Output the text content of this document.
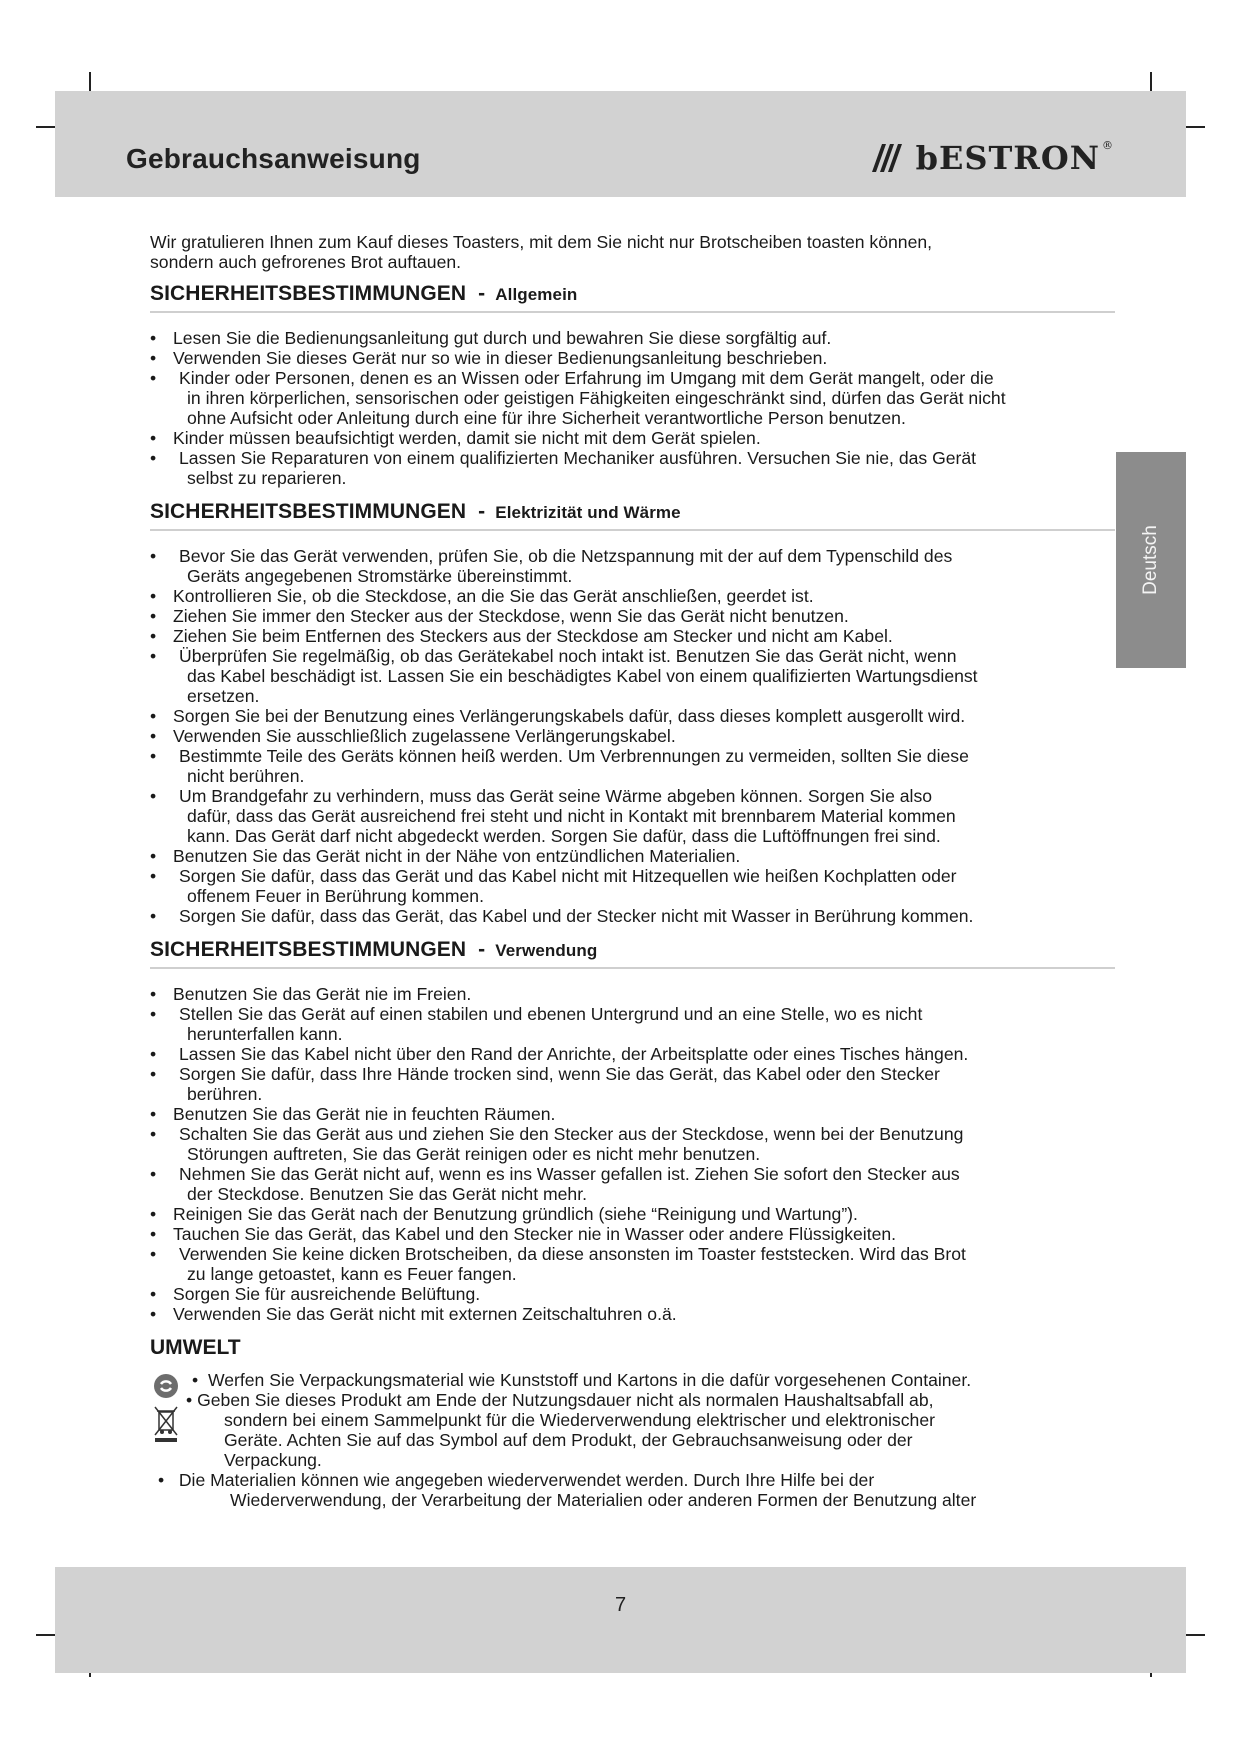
Gebrauchsanweisung	bESTRON ®
Deutsch

Wir gratulieren Ihnen zum Kauf dieses Toasters, mit dem Sie nicht nur Brotscheiben toasten können,
sondern auch gefrorenes Brot auftauen.

SICHERHEITSBESTIMMUNGEN - Allgemein
• Lesen Sie die Bedienungsanleitung gut durch und bewahren Sie diese sorgfältig auf.
• Verwenden Sie dieses Gerät nur so wie in dieser Bedienungsanleitung beschrieben.
• Kinder oder Personen, denen es an Wissen oder Erfahrung im Umgang mit dem Gerät mangelt, oder die
in ihren körperlichen, sensorischen oder geistigen Fähigkeiten eingeschränkt sind, dürfen das Gerät nicht
ohne Aufsicht oder Anleitung durch eine für ihre Sicherheit verantwortliche Person benutzen.
• Kinder müssen beaufsichtigt werden, damit sie nicht mit dem Gerät spielen.
• Lassen Sie Reparaturen von einem qualifizierten Mechaniker ausführen. Versuchen Sie nie, das Gerät
selbst zu reparieren.
SICHERHEITSBESTIMMUNGEN - Elektrizität und Wärme
• Bevor Sie das Gerät verwenden, prüfen Sie, ob die Netzspannung mit der auf dem Typenschild des
Geräts angegebenen Stromstärke übereinstimmt.
• Kontrollieren Sie, ob die Steckdose, an die Sie das Gerät anschließen, geerdet ist.
• Ziehen Sie immer den Stecker aus der Steckdose, wenn Sie das Gerät nicht benutzen.
• Ziehen Sie beim Entfernen des Steckers aus der Steckdose am Stecker und nicht am Kabel.
• Überprüfen Sie regelmäßig, ob das Gerätekabel noch intakt ist. Benutzen Sie das Gerät nicht, wenn
das Kabel beschädigt ist. Lassen Sie ein beschädigtes Kabel von einem qualifizierten Wartungsdienst
ersetzen.
• Sorgen Sie bei der Benutzung eines Verlängerungskabels dafür, dass dieses komplett ausgerollt wird.
• Verwenden Sie ausschließlich zugelassene Verlängerungskabel.
• Bestimmte Teile des Geräts können heiß werden. Um Verbrennungen zu vermeiden, sollten Sie diese
nicht berühren.
• Um Brandgefahr zu verhindern, muss das Gerät seine Wärme abgeben können. Sorgen Sie also
dafür, dass das Gerät ausreichend frei steht und nicht in Kontakt mit brennbarem Material kommen
kann. Das Gerät darf nicht abgedeckt werden. Sorgen Sie dafür, dass die Luftöffnungen frei sind.
• Benutzen Sie das Gerät nicht in der Nähe von entzündlichen Materialien.
• Sorgen Sie dafür, dass das Gerät und das Kabel nicht mit Hitzequellen wie heißen Kochplatten oder
offenem Feuer in Berührung kommen.
• Sorgen Sie dafür, dass das Gerät, das Kabel und der Stecker nicht mit Wasser in Berührung kommen.
SICHERHEITSBESTIMMUNGEN - Verwendung
• Benutzen Sie das Gerät nie im Freien.
• Stellen Sie das Gerät auf einen stabilen und ebenen Untergrund und an eine Stelle, wo es nicht
herunterfallen kann.
• Lassen Sie das Kabel nicht über den Rand der Anrichte, der Arbeitsplatte oder eines Tisches hängen.
• Sorgen Sie dafür, dass Ihre Hände trocken sind, wenn Sie das Gerät, das Kabel oder den Stecker
berühren.
• Benutzen Sie das Gerät nie in feuchten Räumen.
• Schalten Sie das Gerät aus und ziehen Sie den Stecker aus der Steckdose, wenn bei der Benutzung
Störungen auftreten, Sie das Gerät reinigen oder es nicht mehr benutzen.
• Nehmen Sie das Gerät nicht auf, wenn es ins Wasser gefallen ist. Ziehen Sie sofort den Stecker aus
der Steckdose. Benutzen Sie das Gerät nicht mehr.
• Reinigen Sie das Gerät nach der Benutzung gründlich (siehe “Reinigung und Wartung”).
• Tauchen Sie das Gerät, das Kabel und den Stecker nie in Wasser oder andere Flüssigkeiten.
• Verwenden Sie keine dicken Brotscheiben, da diese ansonsten im Toaster feststecken. Wird das Brot
zu lange getoastet, kann es Feuer fangen.
• Sorgen Sie für ausreichende Belüftung.
• Verwenden Sie das Gerät nicht mit externen Zeitschaltuhren o.ä.
UMWELT
•  Werfen Sie Verpackungsmaterial wie Kunststoff und Kartons in die dafür vorgesehenen Container.
• Geben Sie dieses Produkt am Ende der Nutzungsdauer nicht als normalen Haushaltsabfall ab,
sondern bei einem Sammelpunkt für die Wiederverwendung elektrischer und elektronischer
Geräte. Achten Sie auf das Symbol auf dem Produkt, der Gebrauchsanweisung oder der
Verpackung.
•   Die Materialien können wie angegeben wiederverwendet werden. Durch Ihre Hilfe bei der
Wiederverwendung, der Verarbeitung der Materialien oder anderen Formen der Benutzung alter
7
